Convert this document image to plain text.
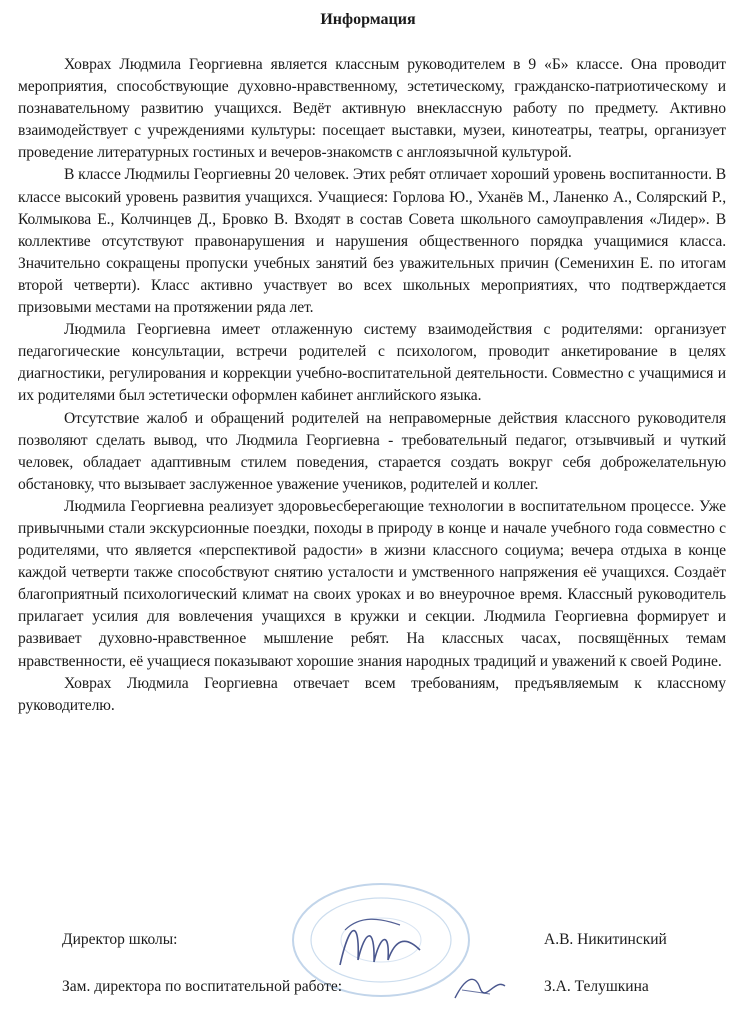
Информация

Ховрах Людмила Георгиевна является классным руководителем в 9 «Б» классе. Она проводит мероприятия, способствующие духовно-нравственному, эстетическому, гражданско-патриотическому и познавательному развитию учащихся. Ведёт активную внеклассную работу по предмету. Активно взаимодействует с учреждениями культуры: посещает выставки, музеи, кинотеатры, театры, организует проведение литературных гостиных и вечеров-знакомств с англоязычной культурой.

В классе Людмилы Георгиевны 20 человек. Этих ребят отличает хороший уровень воспитанности. В классе высокий уровень развития учащихся. Учащиеся: Горлова Ю., Уханёв М., Ланенко А., Солярский Р., Колмыкова Е., Колчинцев Д., Бровко В. Входят в состав Совета школьного самоуправления «Лидер». В коллективе отсутствуют правонарушения и нарушения общественного порядка учащимися класса. Значительно сокращены пропуски учебных занятий без уважительных причин (Семенихин Е. по итогам второй четверти). Класс активно участвует во всех школьных мероприятиях, что подтверждается призовыми местами на протяжении ряда лет.

Людмила Георгиевна имеет отлаженную систему взаимодействия с родителями: организует педагогические консультации, встречи родителей с психологом, проводит анкетирование в целях диагностики, регулирования и коррекции учебно-воспитательной деятельности. Совместно с учащимися и их родителями был эстетически оформлен кабинет английского языка.

Отсутствие жалоб и обращений родителей на неправомерные действия классного руководителя позволяют сделать вывод, что Людмила Георгиевна - требовательный педагог, отзывчивый и чуткий человек, обладает адаптивным стилем поведения, старается создать вокруг себя доброжелательную обстановку, что вызывает заслуженное уважение учеников, родителей и коллег.

Людмила Георгиевна реализует здоровьесберегающие технологии в воспитательном процессе. Уже привычными стали экскурсионные поездки, походы в природу в конце и начале учебного года совместно с родителями, что является «перспективой радости» в жизни классного социума; вечера отдыха в конце каждой четверти также способствуют снятию усталости и умственного напряжения её учащихся. Создаёт благоприятный психологический климат на своих уроках и во внеурочное время. Классный руководитель прилагает усилия для вовлечения учащихся в кружки и секции. Людмила Георгиевна формирует и развивает духовно-нравственное мышление ребят. На классных часах, посвящённых темам нравственности, её учащиеся показывают хорошие знания народных традиций и уважений к своей Родине.

Ховрах Людмила Георгиевна отвечает всем требованиям, предъявляемым к классному руководителю.

Директор школы:	А.В. Никитинский
Зам. директора по воспитательной работе:	З.А. Телушкина
